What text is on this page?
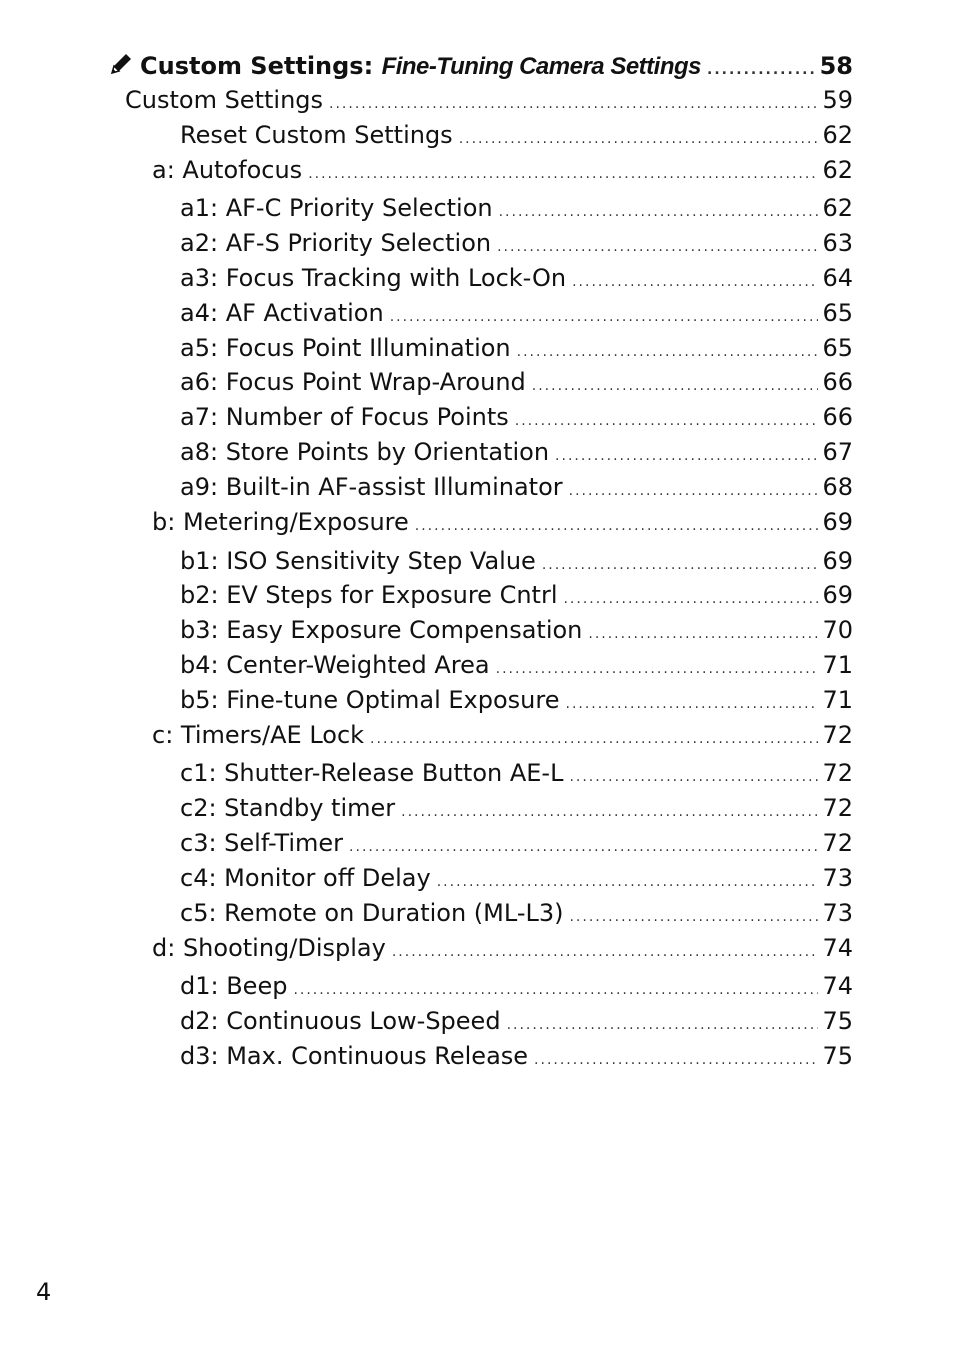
Custom Settings: Fine-Tuning Camera Settings .....	58
Custom Settings .....	59
Reset Custom Settings .....	62
a: Autofocus .....	62
a1: AF-C Priority Selection .....	62
a2: AF-S Priority Selection .....	63
a3: Focus Tracking with Lock-On .....	64
a4: AF Activation .....	65
a5: Focus Point Illumination .....	65
a6: Focus Point Wrap-Around .....	66
a7: Number of Focus Points .....	66
a8: Store Points by Orientation .....	67
a9: Built-in AF-assist Illuminator .....	68
b: Metering/Exposure .....	69
b1: ISO Sensitivity Step Value .....	69
b2: EV Steps for Exposure Cntrl .....	69
b3: Easy Exposure Compensation .....	70
b4: Center-Weighted Area .....	71
b5: Fine-tune Optimal Exposure .....	71
c: Timers/AE Lock .....	72
c1: Shutter-Release Button AE-L .....	72
c2: Standby timer .....	72
c3: Self-Timer .....	72
c4: Monitor off Delay .....	73
c5: Remote on Duration (ML-L3) .....	73
d: Shooting/Display .....	74
d1: Beep .....	74
d2: Continuous Low-Speed .....	75
d3: Max. Continuous Release .....	75
4
